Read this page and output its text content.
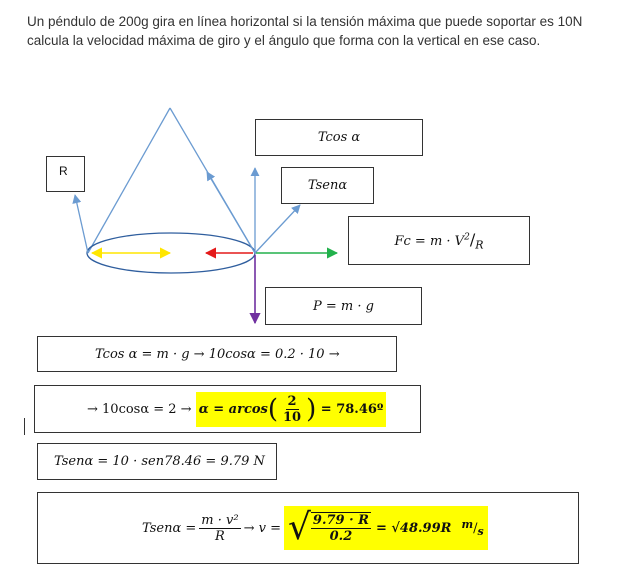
Un péndulo de 200g gira en línea horizontal si la tensión máxima que puede soportar es 10N

calcula la velocidad máxima de giro y el ángulo que forma con la vertical en ese caso.

R
Tcos α
Tsenα
$Fc = m \cdot V^2/_R$
P = m · g
Tcos α = m · g → 10cosα = 0.2 · 10 →
→ $10\cos\alpha = 2 \to \alpha = arcos( \frac{2}{10}$ ) = 78.46º
Tsenα = 10 · sen78.46 = 9.79 N
Tsenα = $\frac{\text{m · v²}}{R} \to v$ = √ $\frac{9.79 \cdot R}{0.2} = √48.99R$ $^m/_s$
